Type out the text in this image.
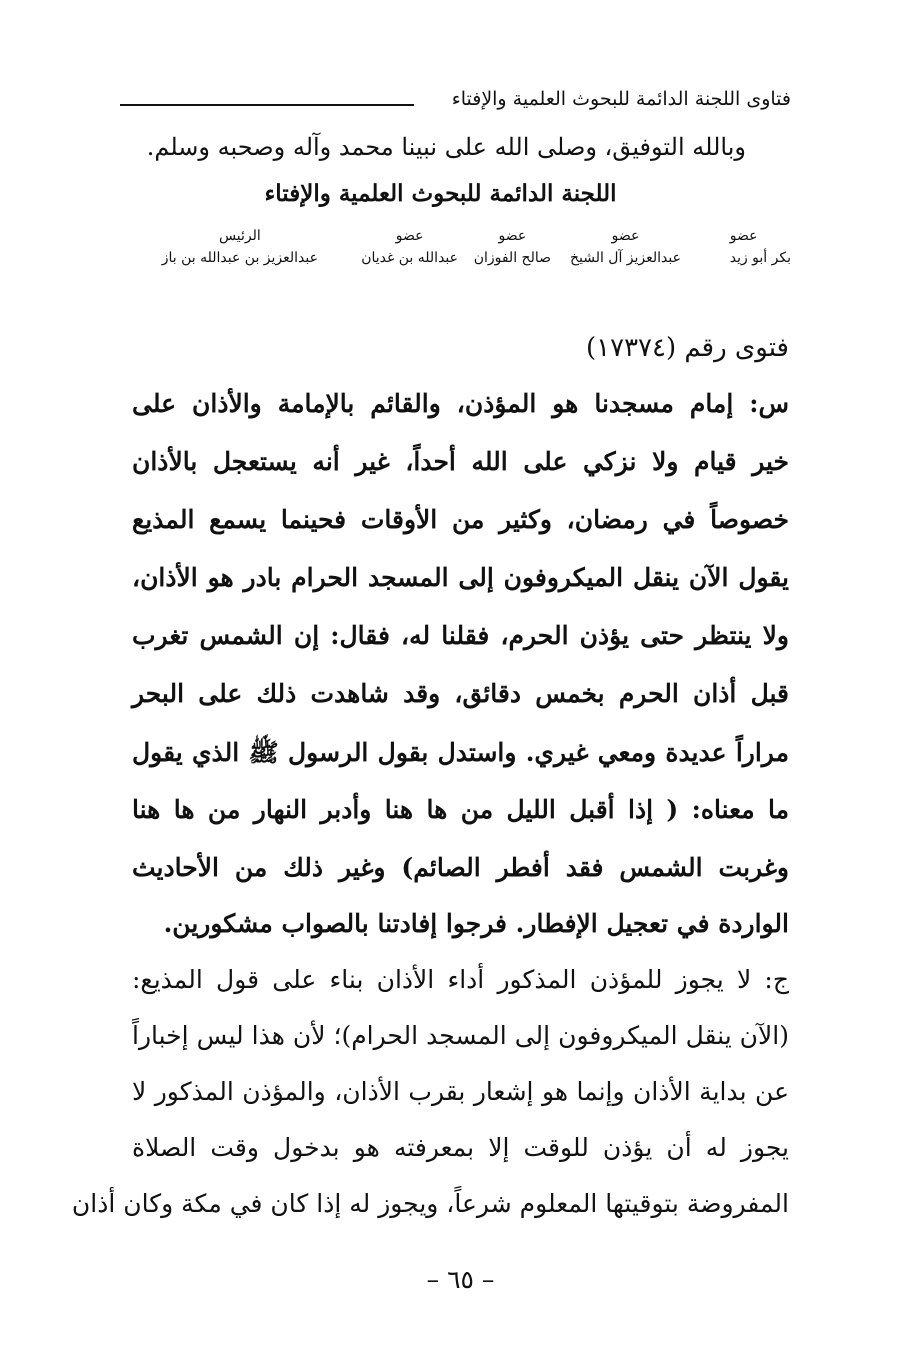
فتاوى اللجنة الدائمة للبحوث العلمية والإفتاء
وبالله التوفيق، وصلى الله على نبينا محمد وآله وصحبه وسلم.
اللجنة الدائمة للبحوث العلمية والإفتاء
عضو
بكر أبو زيد
عضو
عبدالعزيز آل الشيخ
عضو
صالح الفوزان
عضو
عبدالله بن غديان
الرئيس
عبدالعزيز بن عبدالله بن باز
فتوى رقم (١٧٣٧٤)
س: إمام مسجدنا هو المؤذن، والقائم بالإمامة والأذان على
خير قيام ولا نزكي على الله أحداً، غير أنه يستعجل بالأذان
خصوصاً في رمضان، وكثير من الأوقات فحينما يسمع المذيع
يقول الآن ينقل الميكروفون إلى المسجد الحرام بادر هو الأذان،
ولا ينتظر حتى يؤذن الحرم، فقلنا له، فقال: إن الشمس تغرب
قبل أذان الحرم بخمس دقائق، وقد شاهدت ذلك على البحر
مراراً عديدة ومعي غيري. واستدل بقول الرسول ﷺ الذي يقول
ما معناه: ( إذا أقبل الليل من ها هنا وأدبر النهار من ها هنا
وغربت الشمس فقد أفطر الصائم) وغير ذلك من الأحاديث
الواردة في تعجيل الإفطار. فرجوا إفادتنا بالصواب مشكورين.
ج: لا يجوز للمؤذن المذكور أداء الأذان بناء على قول المذيع:
(الآن ينقل الميكروفون إلى المسجد الحرام)؛ لأن هذا ليس إخباراً
عن بداية الأذان وإنما هو إشعار بقرب الأذان، والمؤذن المذكور لا
يجوز له أن يؤذن للوقت إلا بمعرفته هو بدخول وقت الصلاة
المفروضة بتوقيتها المعلوم شرعاً، ويجوز له إذا كان في مكة وكان أذان
– ٦٥ –
